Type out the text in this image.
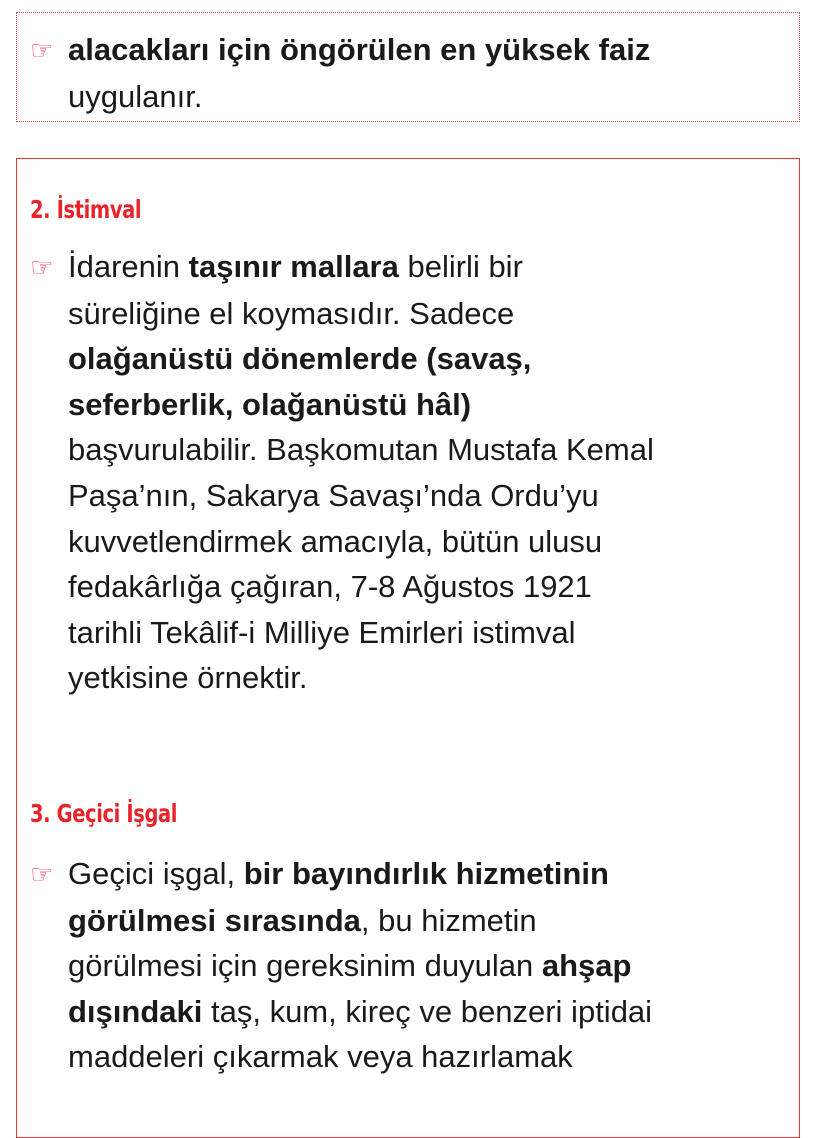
☞ alacakları için öngörülen en yüksek faiz
uygulanır.
2. İstimval
☞ İdarenin taşınır mallara belirli bir
süreliğine el koymasıdır. Sadece
olağanüstü dönemlerde (savaş,
seferberlik, olağanüstü hâl)
başvurulabilir. Başkomutan Mustafa Kemal
Paşa’nın, Sakarya Savaşı’nda Ordu’yu
kuvvetlendirmek amacıyla, bütün ulusu
fedakârlığa çağıran, 7-8 Ağustos 1921
tarihli Tekâlif-i Milliye Emirleri istimval
yetkisine örnektir.
3. Geçici İşgal
☞ Geçici işgal, bir bayındırlık hizmetinin
görülmesi sırasında, bu hizmetin
görülmesi için gereksinim duyulan ahşap
dışındaki taş, kum, kireç ve benzeri iptidai
maddeleri çıkarmak veya hazırlamak
